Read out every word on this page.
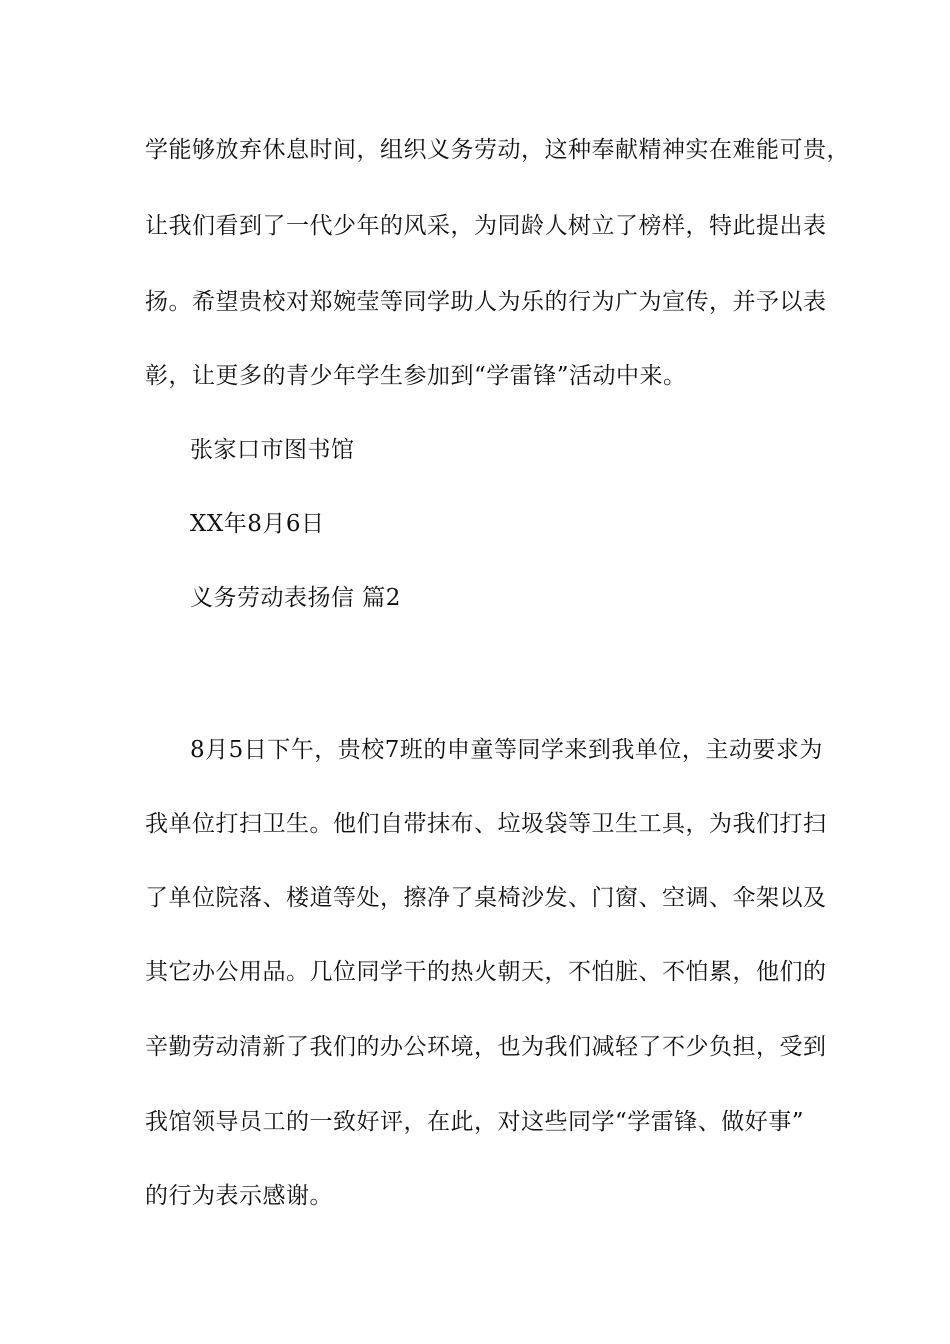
学能够放弃休息时间，组织义务劳动，这种奉献精神实在难能可贵，
让我们看到了一代少年的风采，为同龄人树立了榜样，特此提出表
扬。希望贵校对郑婉莹等同学助人为乐的行为广为宣传，并予以表
彰，让更多的青少年学生参加到“学雷锋”活动中来。
张家口市图书馆
XX年8月6日
义务劳动表扬信 篇2
8月5日下午，贵校7班的申童等同学来到我单位，主动要求为
我单位打扫卫生。他们自带抹布、垃圾袋等卫生工具，为我们打扫
了单位院落、楼道等处，擦净了桌椅沙发、门窗、空调、伞架以及
其它办公用品。几位同学干的热火朝天，不怕脏、不怕累，他们的
辛勤劳动清新了我们的办公环境，也为我们减轻了不少负担，受到
我馆领导员工的一致好评，在此，对这些同学“学雷锋、做好事”
的行为表示感谢。
